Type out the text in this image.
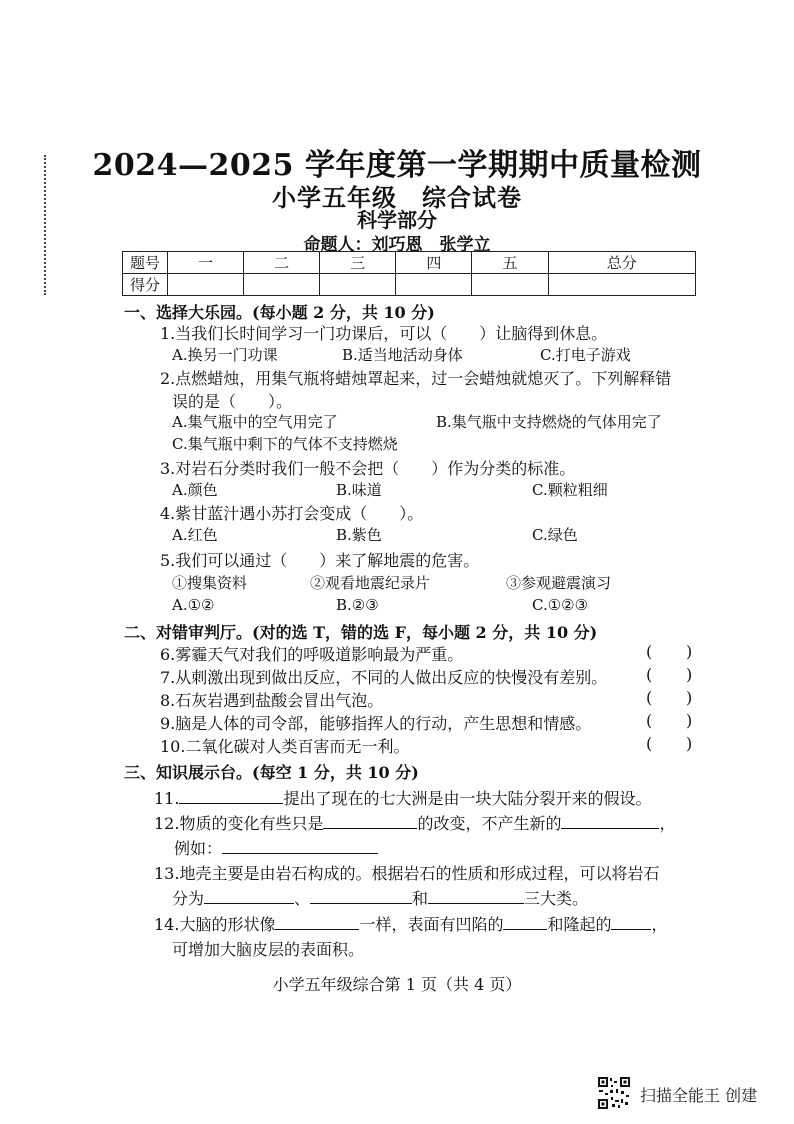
2024—2025 学年度第一学期期中质量检测
小学五年级　综合试卷
科学部分
命题人：刘巧恩　张学立
题号	一	二	三	四	五	总分
得分						
一、选择大乐园。(每小题 2 分，共 10 分)
1.当我们长时间学习一门功课后，可以（　　）让脑得到休息。
A.换另一门功课	B.适当地活动身体	C.打电子游戏
2.点燃蜡烛，用集气瓶将蜡烛罩起来，过一会蜡烛就熄灭了。下列解释错
误的是（　　）。
A.集气瓶中的空气用完了	B.集气瓶中支持燃烧的气体用完了
C.集气瓶中剩下的气体不支持燃烧
3.对岩石分类时我们一般不会把（　　）作为分类的标准。
A.颜色	B.味道	C.颗粒粗细
4.紫甘蓝汁遇小苏打会变成（　　）。
A.红色	B.紫色	C.绿色
5.我们可以通过（　　）来了解地震的危害。
①搜集资料	②观看地震纪录片	③参观避震演习
A.①②	B.②③	C.①②③
二、对错审判厅。(对的选 T，错的选 F，每小题 2 分，共 10 分)
6.雾霾天气对我们的呼吸道影响最为严重。	( )
7.从刺激出现到做出反应，不同的人做出反应的快慢没有差别。 ( )
8.石灰岩遇到盐酸会冒出气泡。	( )
9.脑是人体的司令部，能够指挥人的行动，产生思想和情感。	( )
10.二氧化碳对人类百害而无一利。	( )
三、知识展示台。(每空 1 分，共 10 分)
11.	提出了现在的七大洲是由一块大陆分裂开来的假设。
12.物质的变化有些只是	的改变，不产生新的	，
例如：
13.地壳主要是由岩石构成的。根据岩石的性质和形成过程，可以将岩石
分为	、	和	三大类。
14.大脑的形状像	一样，表面有凹陷的	和隆起的	，
可增加大脑皮层的表面积。
小学五年级综合第 1 页（共 4 页）
扫描全能王 创建
